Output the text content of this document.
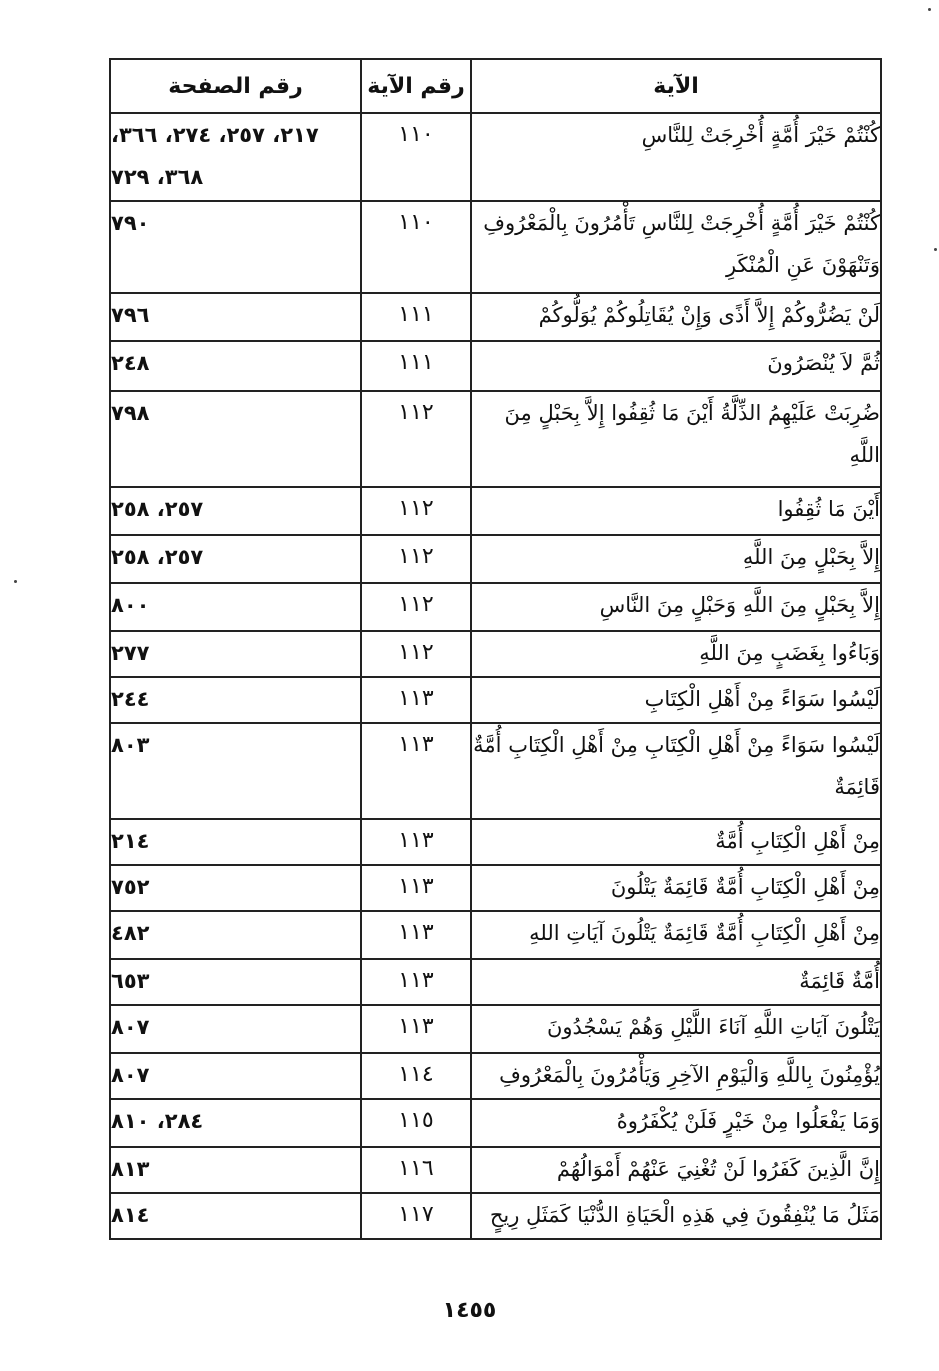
الآية	رقم الآية	رقم الصفحة
كُنْتُمْ خَيْرَ أُمَّةٍ أُخْرِجَتْ لِلنَّاسِ	١١٠	٢١٧، ٢٥٧، ٢٧٤، ٣٦٦، ٣٦٨، ٧٢٩
كُنْتُمْ خَيْرَ أُمَّةٍ أُخْرِجَتْ لِلنَّاسِ تَأْمُرُونَ بِالْمَعْرُوفِ وَتَنْهَوْنَ عَنِ الْمُنْكَرِ	١١٠	٧٩٠
لَنْ يَضُرُّوكُمْ إِلاَّ أَذًى وَإِنْ يُقَاتِلُوكُمْ يُوَلُّوكُمْ	١١١	٧٩٦
ثُمَّ لاَ يُنْصَرُونَ	١١١	٢٤٨
ضُرِبَتْ عَلَيْهِمُ الذِّلَّةُ أَيْنَ مَا ثُقِفُوا إِلاَّ بِحَبْلٍ مِنَ اللَّهِ	١١٢	٧٩٨
أَيْنَ مَا ثُقِفُوا	١١٢	٢٥٧، ٢٥٨
إِلاَّ بِحَبْلٍ مِنَ اللَّهِ	١١٢	٢٥٧، ٢٥٨
إِلاَّ بِحَبْلٍ مِنَ اللَّهِ وَحَبْلٍ مِنَ النَّاسِ	١١٢	٨٠٠
وَبَاءُوا بِغَضَبٍ مِنَ اللَّهِ	١١٢	٢٧٧
لَيْسُوا سَوَاءً مِنْ أَهْلِ الْكِتَابِ	١١٣	٢٤٤
لَيْسُوا سَوَاءً مِنْ أَهْلِ الْكِتَابِ مِنْ أَهْلِ الْكِتَابِ أُمَّةٌ قَائِمَةٌ	١١٣	٨٠٣
مِنْ أَهْلِ الْكِتَابِ أُمَّةٌ	١١٣	٢١٤
مِنْ أَهْلِ الْكِتَابِ أُمَّةٌ قَائِمَةٌ يَتْلُونَ	١١٣	٧٥٢
مِنْ أَهْلِ الْكِتَابِ أُمَّةٌ قَائِمَةٌ يَتْلُونَ آيَاتِ اللهِ	١١٣	٤٨٢
أُمَّةٌ قَائِمَةٌ	١١٣	٦٥٣
يَتْلُونَ آيَاتِ اللَّهِ آنَاءَ اللَّيْلِ وَهُمْ يَسْجُدُونَ	١١٣	٨٠٧
يُؤْمِنُونَ بِاللَّهِ وَالْيَوْمِ الآخِرِ وَيَأْمُرُونَ بِالْمَعْرُوفِ	١١٤	٨٠٧
وَمَا يَفْعَلُوا مِنْ خَيْرٍ فَلَنْ يُكْفَرُوهُ	١١٥	٢٨٤، ٨١٠
إِنَّ الَّذِينَ كَفَرُوا لَنْ تُغْنِيَ عَنْهُمْ أَمْوَالُهُمْ	١١٦	٨١٣
مَثَلُ مَا يُنْفِقُونَ فِي هَذِهِ الْحَيَاةِ الدُّنْيَا كَمَثَلِ رِيحٍ	١١٧	٨١٤
١٤٥٥
